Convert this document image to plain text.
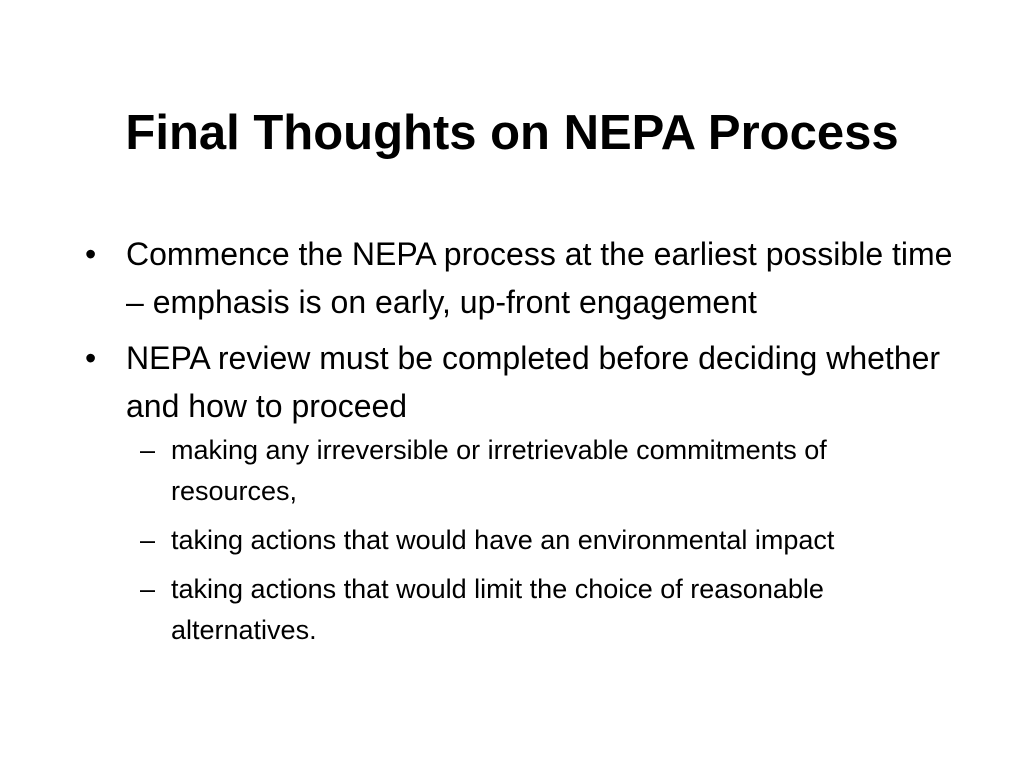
Final Thoughts on NEPA Process
• Commence the NEPA process at the earliest possible time – emphasis is on early, up-front engagement
• NEPA review must be completed before deciding whether and how to proceed
– making any irreversible or irretrievable commitments of resources,
– taking actions that would have an environmental impact
– taking actions that would limit the choice of reasonable alternatives.
